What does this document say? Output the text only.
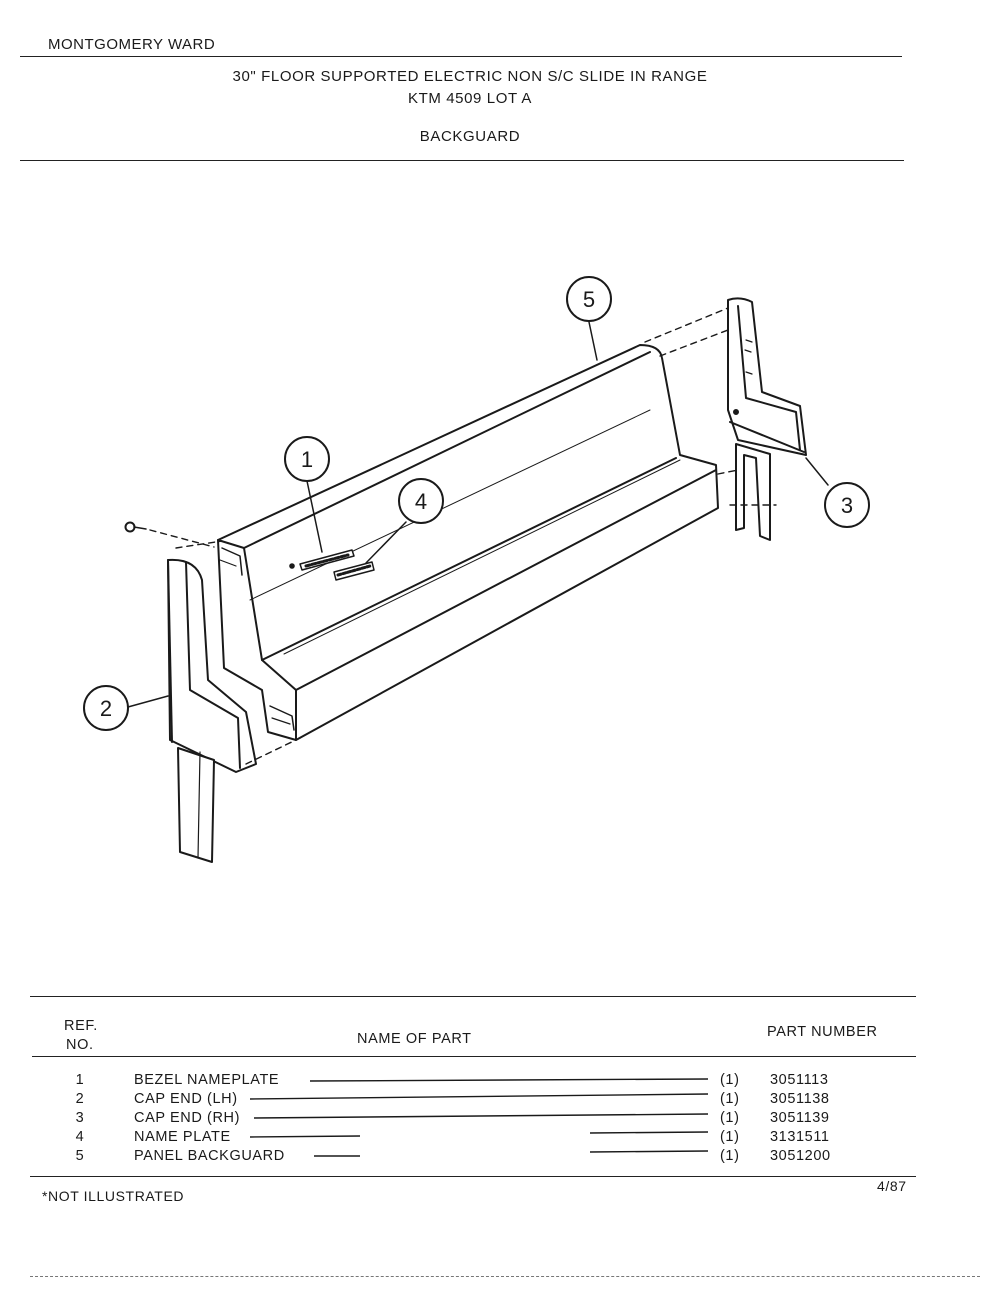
MONTGOMERY WARD
30" FLOOR SUPPORTED ELECTRIC NON S/C SLIDE IN RANGE
KTM 4509 LOT A
BACKGUARD
1
2
3
4
5
REF.
NO.	NAME OF PART	PART NUMBER
1	BEZEL NAMEPLATE	(1) 3051113
2	CAP END (LH)	(1) 3051138
3	CAP END (RH)	(1) 3051139
4	NAME PLATE	(1) 3131511
5	PANEL BACKGUARD	(1) 3051200
*NOT ILLUSTRATED
4/87
